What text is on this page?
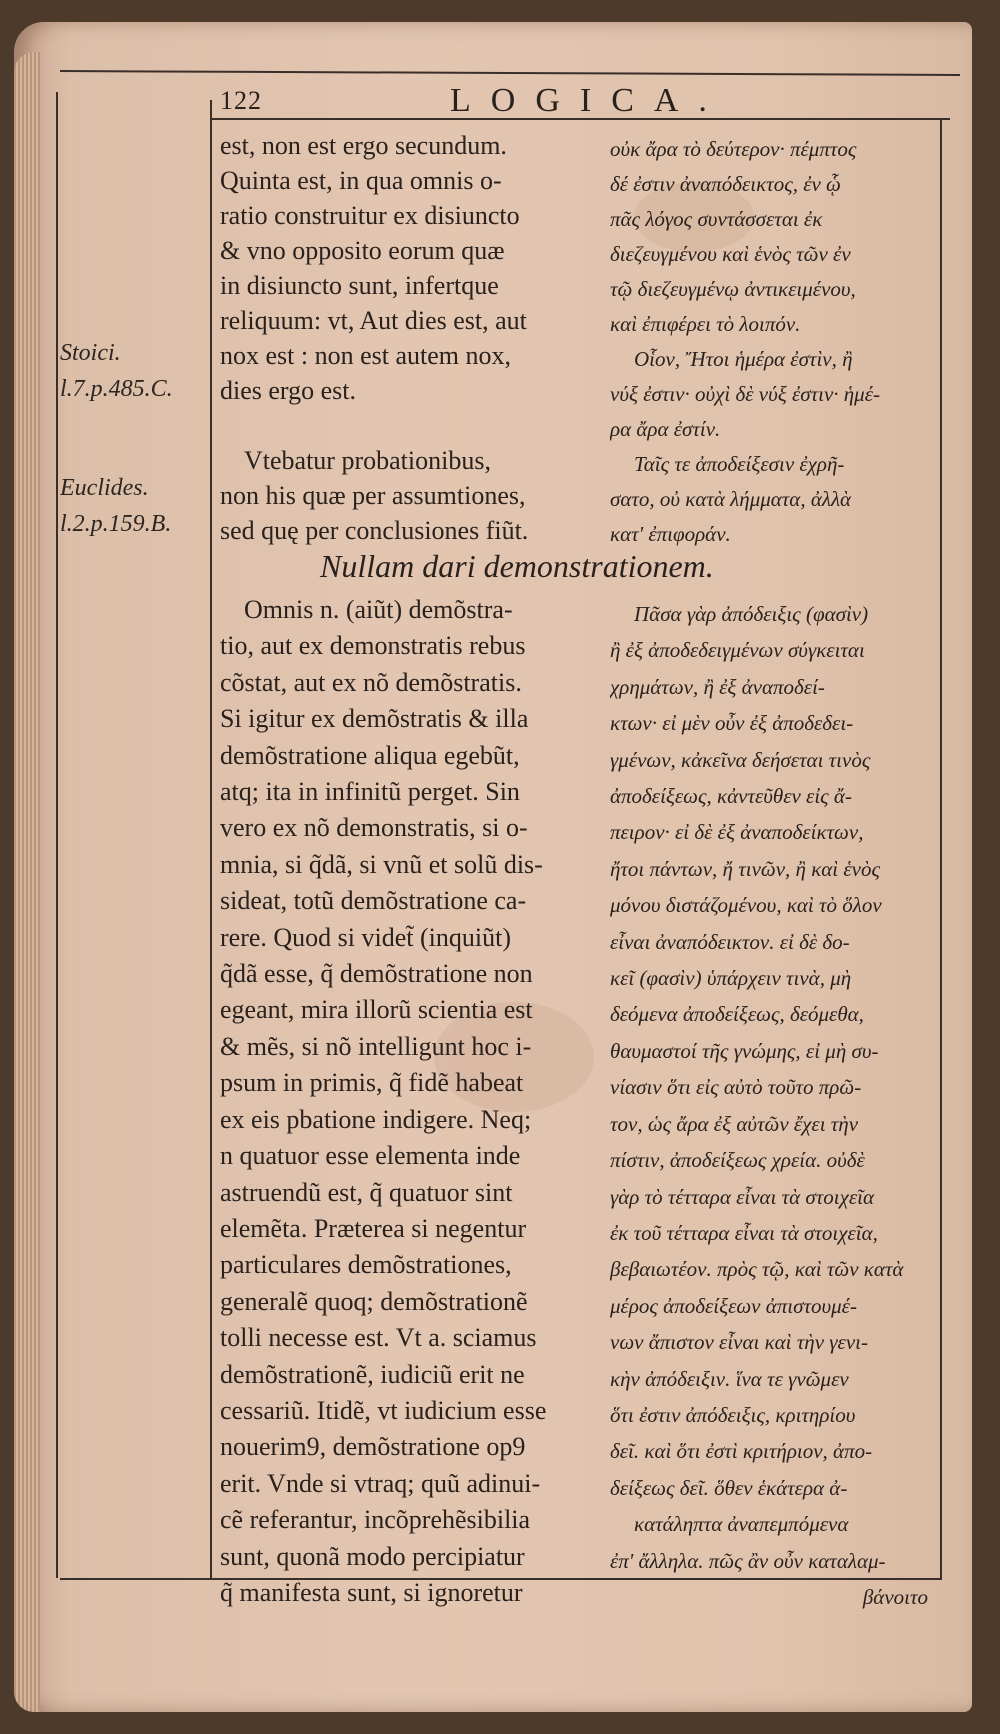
122	LOGICA.
Stoici.
l.7.p.485.C.
Euclides.
l.2.p.159.B.
est, non est ergo secundum.
Quinta est, in qua omnis o-
ratio construitur ex disiuncto
& vno opposito eorum quæ
in disiuncto sunt, infertque
reliquum: vt, Aut dies est, aut
nox est : non est autem nox,
dies ergo est.

Vtebatur probationibus,
non his quæ per assumtiones,
sed quę per conclusiones fiũt.
οὐκ ἄρα τὸ δεύτερον· πέμπτος
δέ ἐστιν ἀναπόδεικτος, ἐν ᾧ
πᾶς λόγος συντάσσεται ἐκ
διεζευγμένου καὶ ἑνὸς τῶν ἐν
τῷ διεζευγμένῳ ἀντικειμένου,
καὶ ἐπιφέρει τὸ λοιπόν.
Οἷον, Ἤτοι ἡμέρα ἐστὶν, ἢ
νύξ ἐστιν· οὐχὶ δὲ νύξ ἐστιν· ἡμέ-
ρα ἄρα ἐστίν.
Ταῖς τε ἀποδείξεσιν ἐχρῆ-
σατο, οὐ κατὰ λήμματα, ἀλλὰ
κατ' ἐπιφοράν.
Nullam dari demonstrationem.
Omnis n. (aiũt) demõstra-
tio, aut ex demonstratis rebus
cõstat, aut ex nõ demõstratis.
Si igitur ex demõstratis & illa
demõstratione aliqua egebũt,
atq; ita in infinitũ perget. Sin
vero ex nõ demonstratis, si o-
mnia, si q̃dã, si vnũ et solũ dis-
sideat, totũ demõstratione ca-
rere. Quod si videt̃ (inquiũt)
q̃dã esse, q̃ demõstratione non
egeant, mira illorũ scientia est
& mẽs, si nõ intelligunt hoc i-
psum in primis, q̃ fidẽ habeat
ex eis pbatione indigere. Neq;
n quatuor esse elementa inde
astruendũ est, q̃ quatuor sint
elemẽta. Præterea si negentur
particulares demõstrationes,
generalẽ quoq; demõstrationẽ
tolli necesse est. Vt a. sciamus
demõstrationẽ, iudiciũ erit ne
cessariũ. Itidẽ, vt iudicium esse
nouerim9, demõstratione op9
erit. Vnde si vtraq; quũ adinui-
cẽ referantur, incõprehẽsibilia
sunt, quonã modo percipiatur
q̃ manifesta sunt, si ignoretur
Πᾶσα γὰρ ἀπόδειξις (φασὶν)
ἢ ἐξ ἀποδεδειγμένων σύγκειται
χρημάτων, ἢ ἐξ ἀναποδεί-
κτων· εἰ μὲν οὖν ἐξ ἀποδεδει-
γμένων, κἀκεῖνα δεήσεται τινὸς
ἀποδείξεως, κἀντεῦθεν εἰς ἄ-
πειρον· εἰ δὲ ἐξ ἀναποδείκτων,
ἤτοι πάντων, ἤ τινῶν, ἢ καὶ ἑνὸς
μόνου διστάζομένου, καὶ τὸ ὅλον
εἶναι ἀναπόδεικτον. εἰ δὲ δο-
κεῖ (φασὶν) ὑπάρχειν τινὰ, μὴ
δεόμενα ἀποδείξεως, δεόμεθα,
θαυμαστοί τῆς γνώμης, εἰ μὴ συ-
νίασιν ὅτι εἰς αὐτὸ τοῦτο πρῶ-
τον, ὡς ἄρα ἐξ αὐτῶν ἔχει τὴν
πίστιν, ἀποδείξεως χρεία. οὐδὲ
γὰρ τὸ τέτταρα εἶναι τὰ στοιχεῖα
ἐκ τοῦ τέτταρα εἶναι τὰ στοιχεῖα,
βεβαιωτέον. πρὸς τῷ, καὶ τῶν κατὰ
μέρος ἀποδείξεων ἀπιστουμέ-
νων ἄπιστον εἶναι καὶ τὴν γενι-
κὴν ἀπόδειξιν. ἵνα τε γνῶμεν
ὅτι ἐστιν ἀπόδειξις, κριτηρίου
δεῖ. καὶ ὅτι ἐστὶ κριτήριον, ἀπο-
δείξεως δεῖ. ὅθεν ἑκάτερα ἀ-
κατάληπτα ἀναπεμπόμενα
ἐπ' ἄλληλα. πῶς ἂν οὖν καταλαμ-
βάνοιτο
